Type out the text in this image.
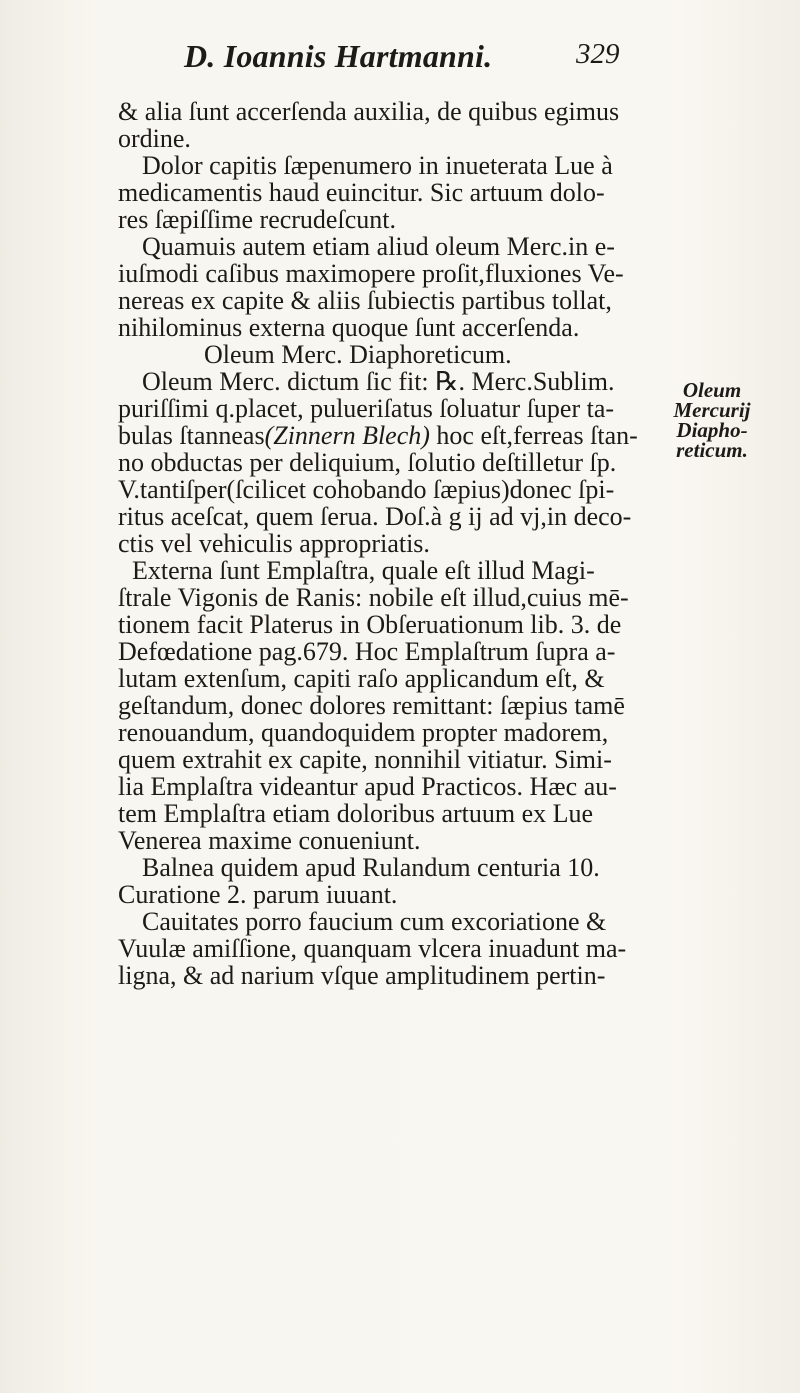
D. Ioannis Hartmanni.	329
& alia ſunt accerſenda auxilia, de quibus egimus
ordine.
Dolor capitis ſæpenumero in inueterata Lue à
medicamentis haud euincitur. Sic artuum dolo-
res ſæpiſſime recrudeſcunt.
Quamuis autem etiam aliud oleum Merc.in e-
iuſmodi caſibus maximopere proſit,fluxiones Ve-
nereas ex capite & aliis ſubiectis partibus tollat,
nihilominus externa quoque ſunt accerſenda.
Oleum Merc. Diaphoreticum.
Oleum Merc. dictum ſic fit: ℞. Merc.Sublim.
puriſſimi q.placet, pulueriſatus ſoluatur ſuper ta-
bulas ſtanneas(Zinnern Blech) hoc eſt,ferreas ſtan-
no obductas per deliquium, ſolutio deſtilletur ſp.
V.tantiſper(ſcilicet cohobando ſæpius)donec ſpi-
ritus aceſcat, quem ſerua. Doſ.à g ij ad vj,in deco-
ctis vel vehiculis appropriatis.
Externa ſunt Emplaſtra, quale eſt illud Magi-
ſtrale Vigonis de Ranis: nobile eſt illud,cuius mē-
tionem facit Platerus in Obſeruationum lib. 3. de
Defœdatione pag.679. Hoc Emplaſtrum ſupra a-
lutam extenſum, capiti raſo applicandum eſt, &
geſtandum, donec dolores remittant: ſæpius tamē
renouandum, quandoquidem propter madorem,
quem extrahit ex capite, nonnihil vitiatur. Simi-
lia Emplaſtra videantur apud Practicos. Hæc au-
tem Emplaſtra etiam doloribus artuum ex Lue
Venerea maxime conueniunt.
Balnea quidem apud Rulandum centuria 10.
Curatione 2. parum iuuant.
Cauitates porro faucium cum excoriatione &
Vuulæ amiſſione, quanquam vlcera inuadunt ma-
ligna, & ad narium vſque amplitudinem pertin-
Oleum
Mercurij
Diapho-
reticum.
